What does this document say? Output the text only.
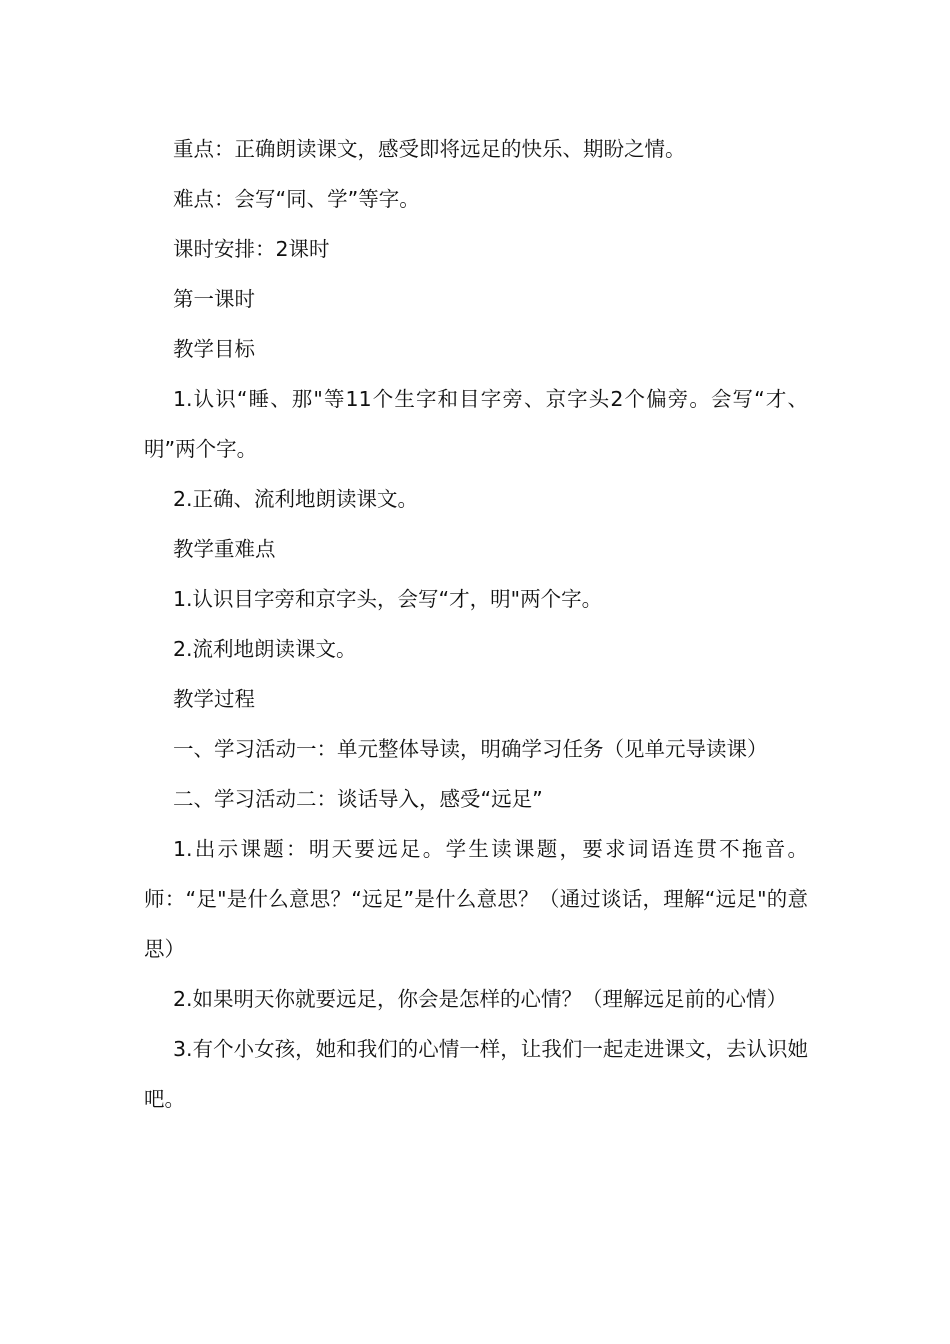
重点：正确朗读课文，感受即将远足的快乐、期盼之情。

难点：会写“同、学”等字。

课时安排：2课时

第一课时

教学目标

1.认识“睡、那"等11个生字和目字旁、京字头2个偏旁。会写“才、明”两个字。

2.正确、流利地朗读课文。

教学重难点

1.认识目字旁和京字头，会写“才，明"两个字。

2.流利地朗读课文。

教学过程

一、学习活动一：单元整体导读，明确学习任务（见单元导读课）

二、学习活动二：谈话导入，感受“远足”

1.出示课题：明天要远足。学生读课题，要求词语连贯不拖音。师：“足"是什么意思？“远足”是什么意思？（通过谈话，理解“远足"的意思）

2.如果明天你就要远足，你会是怎样的心情？（理解远足前的心情）

3.有个小女孩，她和我们的心情一样，让我们一起走进课文，去认识她吧。
